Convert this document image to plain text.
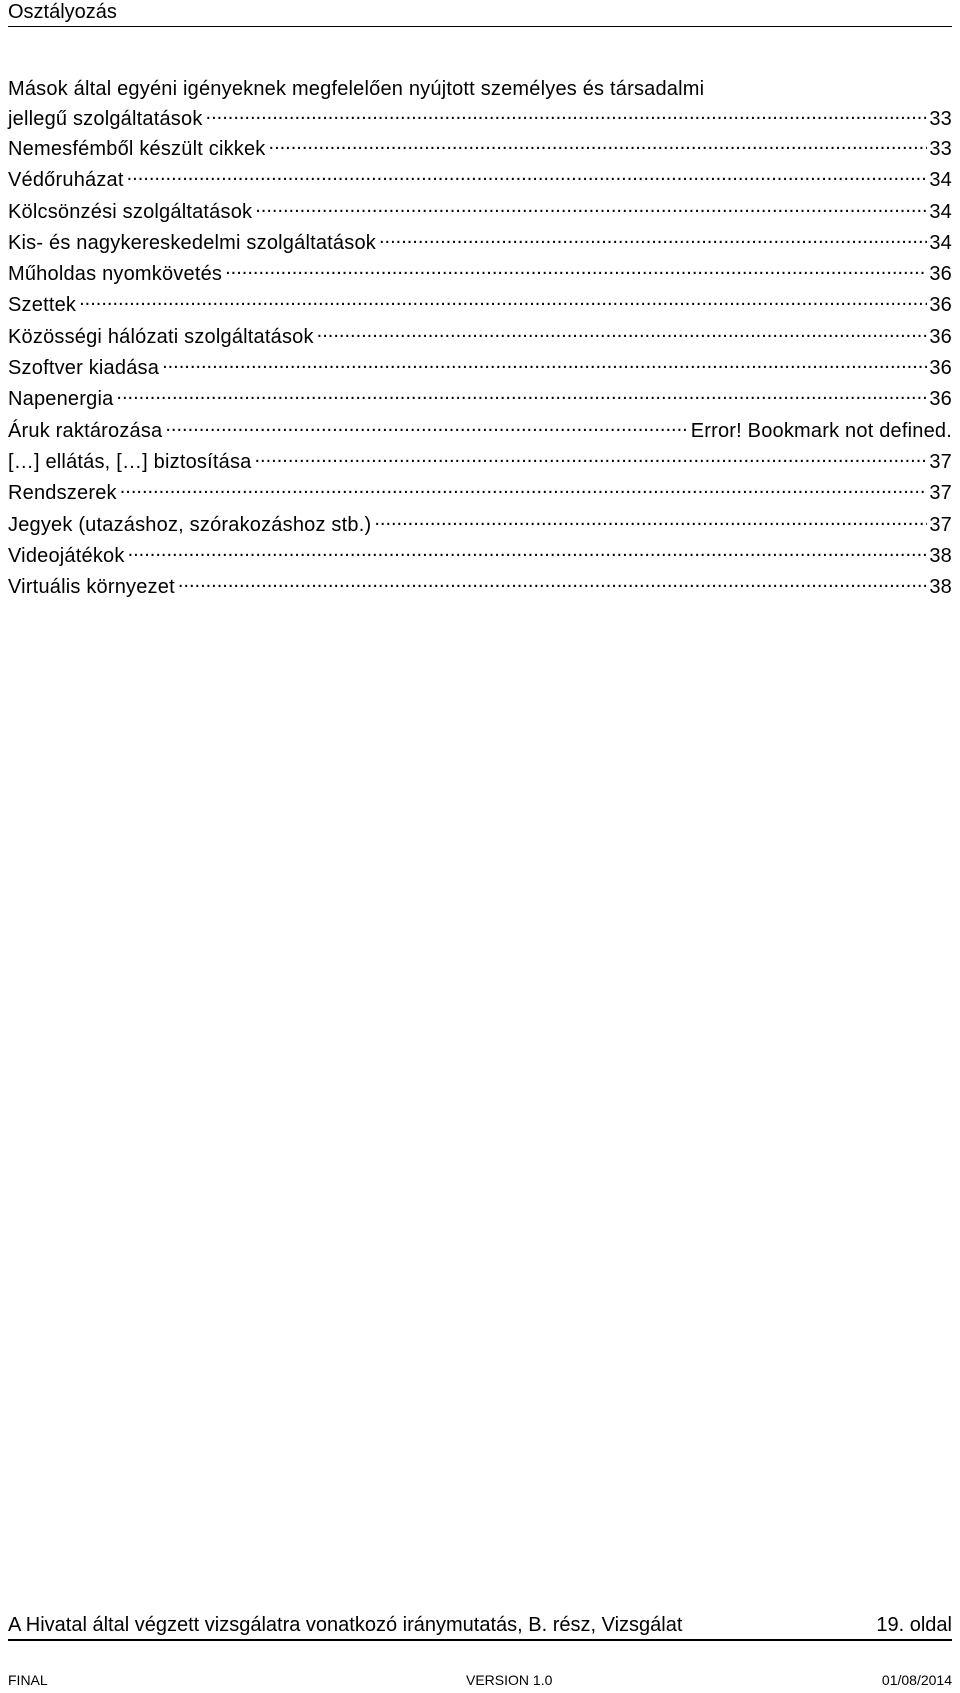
Osztályozás
Mások által egyéni igényeknek megfelelően nyújtott személyes és társadalmi
jellegű szolgáltatások .....	33
Nemesfémből készült cikkek .....	33
Védőruházat .....	34
Kölcsönzési szolgáltatások .....	34
Kis- és nagykereskedelmi szolgáltatások .....	34
Műholdas nyomkövetés .....	36
Szettek .....	36
Közösségi hálózati szolgáltatások .....	36
Szoftver kiadása .....	36
Napenergia .....	36
Áruk raktározása .....	Error! Bookmark not defined.
[…] ellátás, […] biztosítása .....	37
Rendszerek .....	37
Jegyek (utazáshoz, szórakozáshoz stb.) .....	37
Videojátékok .....	38
Virtuális környezet .....	38
A Hivatal által végzett vizsgálatra vonatkozó iránymutatás, B. rész, Vizsgálat	19. oldal
FINAL	VERSION 1.0	01/08/2014
